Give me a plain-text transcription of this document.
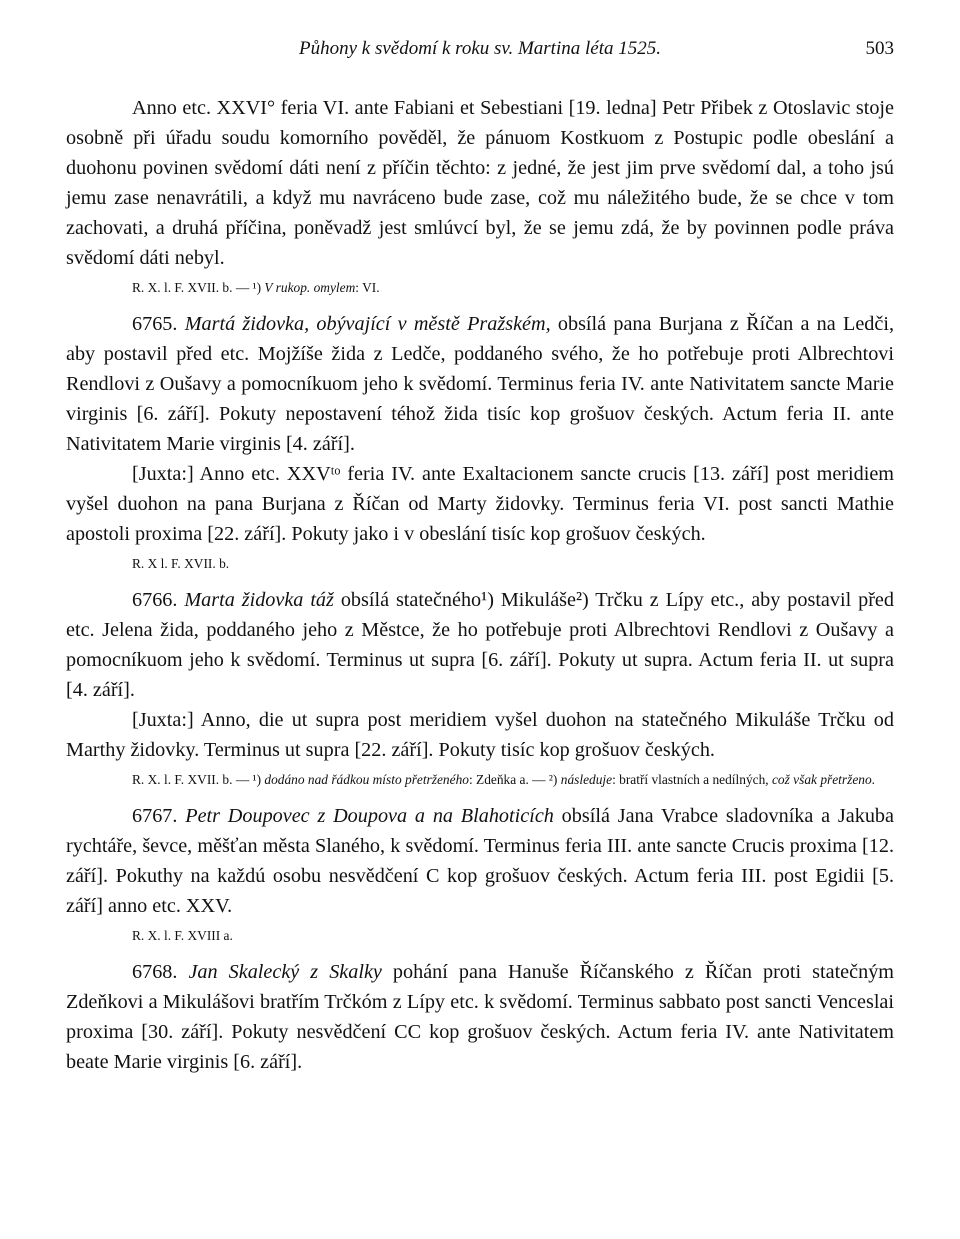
Půhony k svědomí k roku sv. Martina léta 1525.	503

Anno etc. XXVI° feria VI. ante Fabiani et Sebestiani [19. ledna] Petr Přibek z Otoslavic stoje osobně při úřadu soudu komorního pověděl, že pánuom Kostkuom z Postupic podle obeslání a duohonu povinen svědomí dáti není z příčin těchto: z jedné, že jest jim prve svědomí dal, a toho jsú jemu zase nenavrátili, a když mu navráceno bude zase, což mu náležitého bude, že se chce v tom zachovati, a druhá příčina, poněvadž jest smlúvcí byl, že se jemu zdá, že by povinnen podle práva svědomí dáti nebyl.

R. X. l. F. XVII. b. — ¹) V rukop. omylem: VI.

6765. Martá židovka, obývající v městě Pražském, obsílá pana Burjana z Říčan a na Ledči, aby postavil před etc. Mojžíše žida z Ledče, poddaného svého, že ho potřebuje proti Albrechtovi Rendlovi z Oušavy a pomocníkuom jeho k svědomí. Terminus feria IV. ante Nativitatem sancte Marie virginis [6. září]. Pokuty nepostavení téhož žida tisíc kop grošuov českých. Actum feria II. ante Nativitatem Marie virginis [4. září].

[Juxta:] Anno etc. XXVᵗᵒ feria IV. ante Exaltacionem sancte crucis [13. září] post meridiem vyšel duohon na pana Burjana z Říčan od Marty židovky. Terminus feria VI. post sancti Mathie apostoli proxima [22. září]. Pokuty jako i v obeslání tisíc kop grošuov českých.

R. X l. F. XVII. b.

6766. Marta židovka táž obsílá statečného¹) Mikuláše²) Trčku z Lípy etc., aby postavil před etc. Jelena žida, poddaného jeho z Městce, že ho potřebuje proti Albrechtovi Rendlovi z Oušavy a pomocníkuom jeho k svědomí. Terminus ut supra [6. září]. Pokuty ut supra. Actum feria II. ut supra [4. září].

[Juxta:] Anno, die ut supra post meridiem vyšel duohon na statečného Mikuláše Trčku od Marthy židovky. Terminus ut supra [22. září]. Pokuty tisíc kop grošuov českých.

R. X. l. F. XVII. b. — ¹) dodáno nad řádkou místo přetrženého: Zdeňka a. — ²) následuje: bratří vlastních a nedílných, což však přetrženo.

6767. Petr Doupovec z Doupova a na Blahoticích obsílá Jana Vrabce sladovníka a Jakuba rychtáře, ševce, měšťan města Slaného, k svědomí. Terminus feria III. ante sancte Crucis proxima [12. září]. Pokuthy na každú osobu nesvědčení C kop grošuov českých. Actum feria III. post Egidii [5. září] anno etc. XXV.

R. X. l. F. XVIII a.

6768. Jan Skalecký z Skalky pohání pana Hanuše Říčanského z Říčan proti statečným Zdeňkovi a Mikulášovi bratřím Trčkóm z Lípy etc. k svědomí. Terminus sabbato post sancti Venceslai proxima [30. září]. Pokuty nesvědčení CC kop grošuov českých. Actum feria IV. ante Nativitatem beate Marie virginis [6. září].
